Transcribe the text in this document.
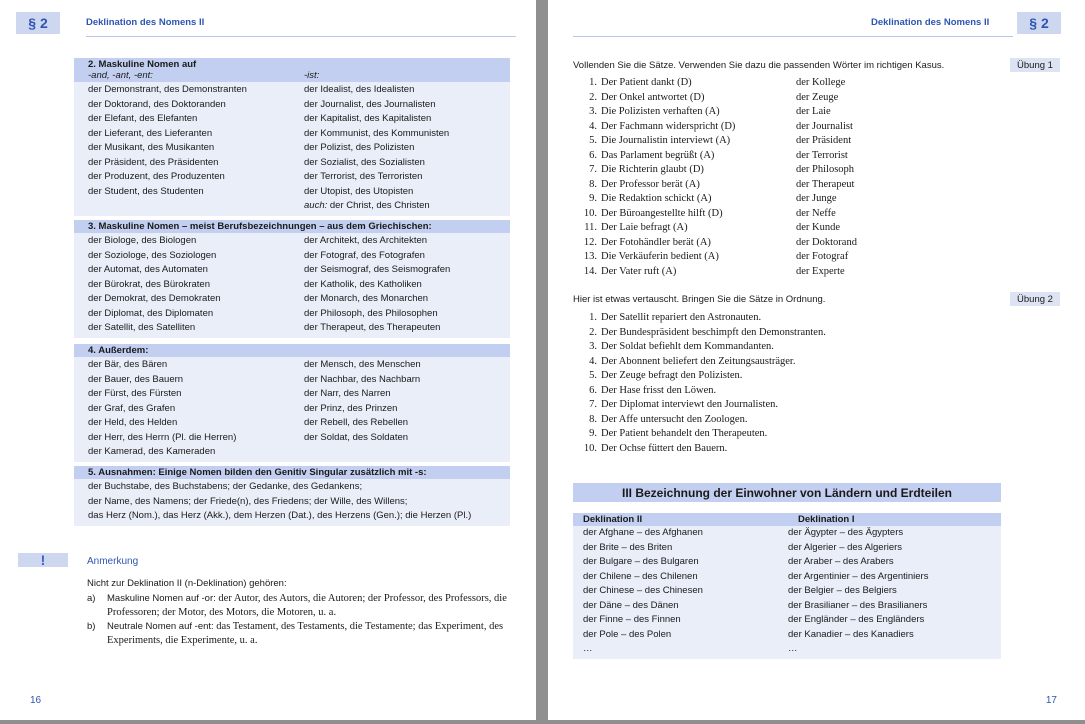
§ 2	Deklination des Nomens II
2. Maskuline Nomen auf
-and, -ant, -ent:	-ist:
der Demonstrant, des Demonstranten	der Idealist, des Idealisten
der Doktorand, des Doktoranden	der Journalist, des Journalisten
der Elefant, des Elefanten	der Kapitalist, des Kapitalisten
der Lieferant, des Lieferanten	der Kommunist, des Kommunisten
der Musikant, des Musikanten	der Polizist, des Polizisten
der Präsident, des Präsidenten	der Sozialist, des Sozialisten
der Produzent, des Produzenten	der Terrorist, des Terroristen
der Student, des Studenten	der Utopist, des Utopisten
auch: der Christ, des Christen
3. Maskuline Nomen – meist Berufsbezeichnungen – aus dem Griechischen:
der Biologe, des Biologen	der Architekt, des Architekten
der Soziologe, des Soziologen	der Fotograf, des Fotografen
der Automat, des Automaten	der Seismograf, des Seismografen
der Bürokrat, des Bürokraten	der Katholik, des Katholiken
der Demokrat, des Demokraten	der Monarch, des Monarchen
der Diplomat, des Diplomaten	der Philosoph, des Philosophen
der Satellit, des Satelliten	der Therapeut, des Therapeuten
4. Außerdem:
der Bär, des Bären	der Mensch, des Menschen
der Bauer, des Bauern	der Nachbar, des Nachbarn
der Fürst, des Fürsten	der Narr, des Narren
der Graf, des Grafen	der Prinz, des Prinzen
der Held, des Helden	der Rebell, des Rebellen
der Herr, des Herrn (Pl. die Herren)	der Soldat, des Soldaten
der Kamerad, des Kameraden
5. Ausnahmen: Einige Nomen bilden den Genitiv Singular zusätzlich mit -s:
der Buchstabe, des Buchstabens; der Gedanke, des Gedankens;
der Name, des Namens; der Friede(n), des Friedens; der Wille, des Willens;
das Herz (Nom.), das Herz (Akk.), dem Herzen (Dat.), des Herzens (Gen.); die Herzen (Pl.)
!	Anmerkung
Nicht zur Deklination II (n-Deklination) gehören:
a)	Maskuline Nomen auf -or: der Autor, des Autors, die Autoren; der Professor, des Professors, die Professoren; der Motor, des Motors, die Motoren, u. a.
b)	Neutrale Nomen auf -ent: das Testament, des Testaments, die Testamente; das Experiment, des Experiments, die Experimente, u. a.
16
Deklination des Nomens II	§ 2
Vollenden Sie die Sätze. Verwenden Sie dazu die passenden Wörter im richtigen Kasus.	Übung 1
1. Der Patient dankt (D)	der Kollege
2. Der Onkel antwortet (D)	der Zeuge
3. Die Polizisten verhaften (A)	der Laie
4. Der Fachmann widerspricht (D)	der Journalist
5. Die Journalistin interviewt (A)	der Präsident
6. Das Parlament begrüßt (A)	der Terrorist
7. Die Richterin glaubt (D)	der Philosoph
8. Der Professor berät (A)	der Therapeut
9. Die Redaktion schickt (A)	der Junge
10. Der Büroangestellte hilft (D)	der Neffe
11. Der Laie befragt (A)	der Kunde
12. Der Fotohändler berät (A)	der Doktorand
13. Die Verkäuferin bedient (A)	der Fotograf
14. Der Vater ruft (A)	der Experte
Hier ist etwas vertauscht. Bringen Sie die Sätze in Ordnung.	Übung 2
1. Der Satellit repariert den Astronauten.
2. Der Bundespräsident beschimpft den Demonstranten.
3. Der Soldat befiehlt dem Kommandanten.
4. Der Abonnent beliefert den Zeitungsausträger.
5. Der Zeuge befragt den Polizisten.
6. Der Hase frisst den Löwen.
7. Der Diplomat interviewt den Journalisten.
8. Der Affe untersucht den Zoologen.
9. Der Patient behandelt den Therapeuten.
10. Der Ochse füttert den Bauern.
III Bezeichnung der Einwohner von Ländern und Erdteilen
Deklination II	Deklination I
der Afghane – des Afghanen	der Ägypter – des Ägypters
der Brite – des Briten	der Algerier – des Algeriers
der Bulgare – des Bulgaren	der Araber – des Arabers
der Chilene – des Chilenen	der Argentinier – des Argentiniers
der Chinese – des Chinesen	der Belgier – des Belgiers
der Däne – des Dänen	der Brasilianer – des Brasilianers
der Finne – des Finnen	der Engländer – des Engländers
der Pole – des Polen	der Kanadier – des Kanadiers
…	…
17
